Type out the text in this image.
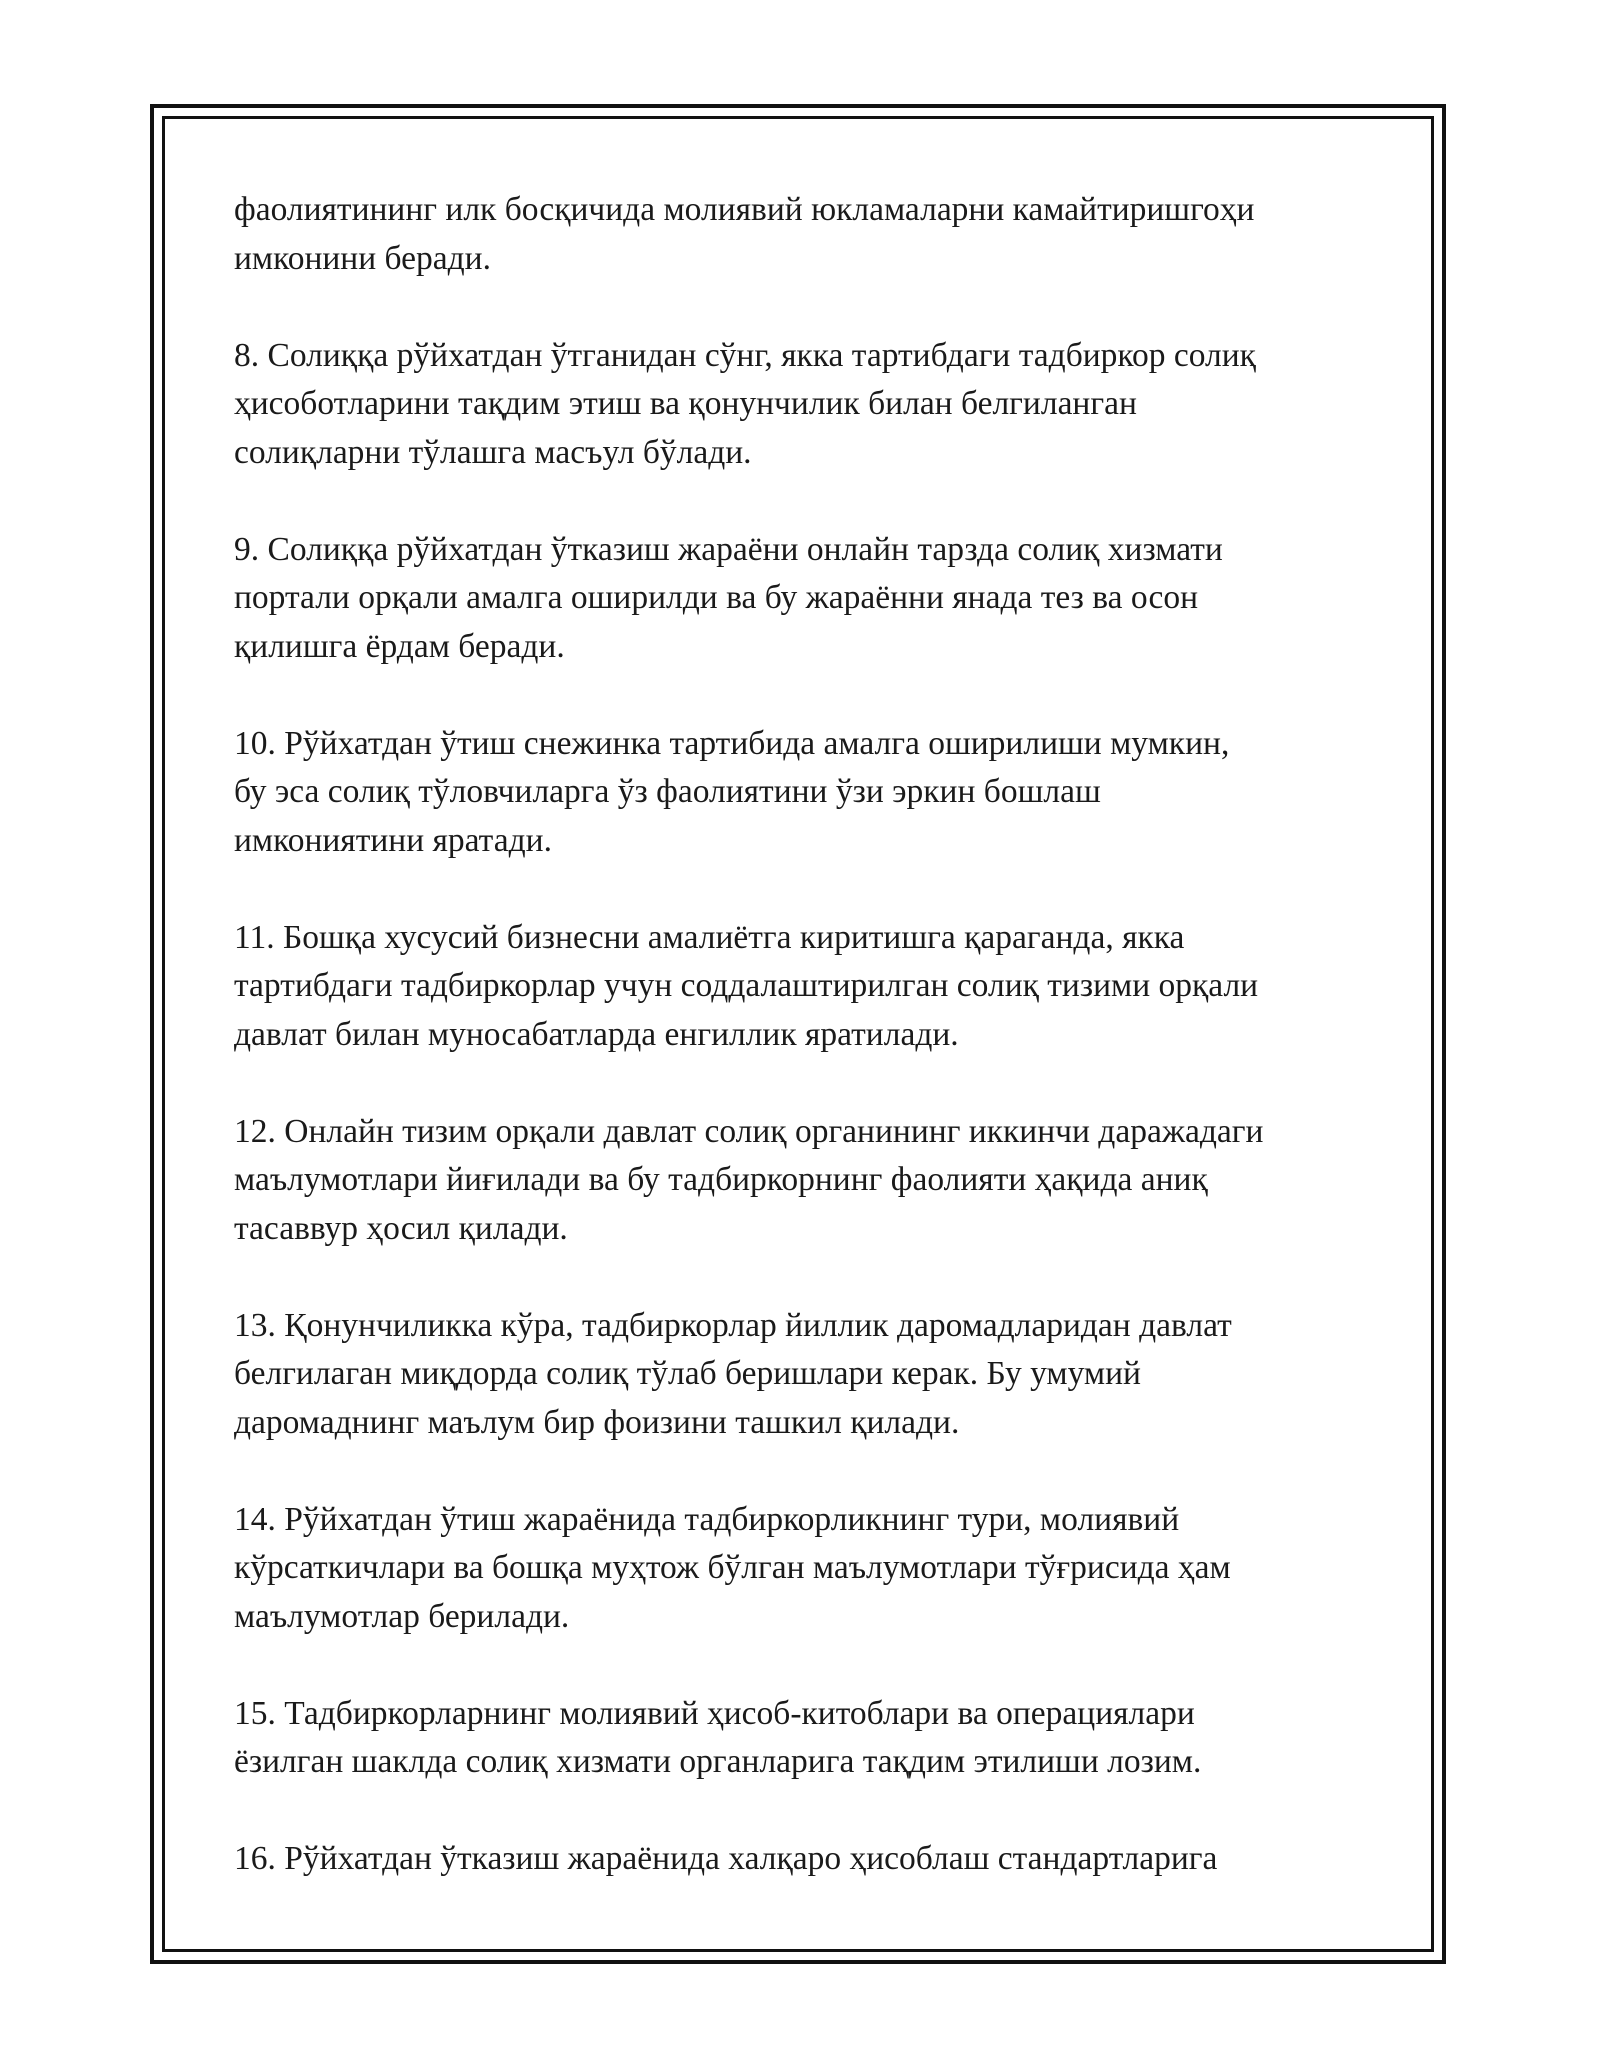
фаолиятининг илк босқичида молиявий юкламаларни камайтиришгоҳи
имконини беради.

8. Солиққа рўйхатдан ўтганидан сўнг, якка тартибдаги тадбиркор солиқ
ҳисоботларини тақдим этиш ва қонунчилик билан белгиланган
солиқларни тўлашга масъул бўлади.

9. Солиққа рўйхатдан ўтказиш жараёни онлайн тарзда солиқ хизмати
портали орқали амалга оширилди ва бу жараённи янада тез ва осон
қилишга ёрдам беради.

10. Рўйхатдан ўтиш снежинка тартибида амалга оширилиши мумкин,
бу эса солиқ тўловчиларга ўз фаолиятини ўзи эркин бошлаш
имкониятини яратади.

11. Бошқа хусусий бизнесни амалиётга киритишга қараганда, якка
тартибдаги тадбиркорлар учун соддалаштирилган солиқ тизими орқали
давлат билан муносабатларда енгиллик яратилади.

12. Онлайн тизим орқали давлат солиқ органининг иккинчи даражадаги
маълумотлари йиғилади ва бу тадбиркорнинг фаолияти ҳақида аниқ
тасаввур ҳосил қилади.

13. Қонунчиликка кўра, тадбиркорлар йиллик даромадларидан давлат
белгилаган миқдорда солиқ тўлаб беришлари керак. Бу умумий
даромаднинг маълум бир фоизини ташкил қилади.

14. Рўйхатдан ўтиш жараёнида тадбиркорликнинг тури, молиявий
кўрсаткичлари ва бошқа муҳтож бўлган маълумотлари тўғрисида ҳам
маълумотлар берилади.

15. Тадбиркорларнинг молиявий ҳисоб-китоблари ва операциялари
ёзилган шаклда солиқ хизмати органларига тақдим этилиши лозим.

16. Рўйхатдан ўтказиш жараёнида халқаро ҳисоблаш стандартларига
